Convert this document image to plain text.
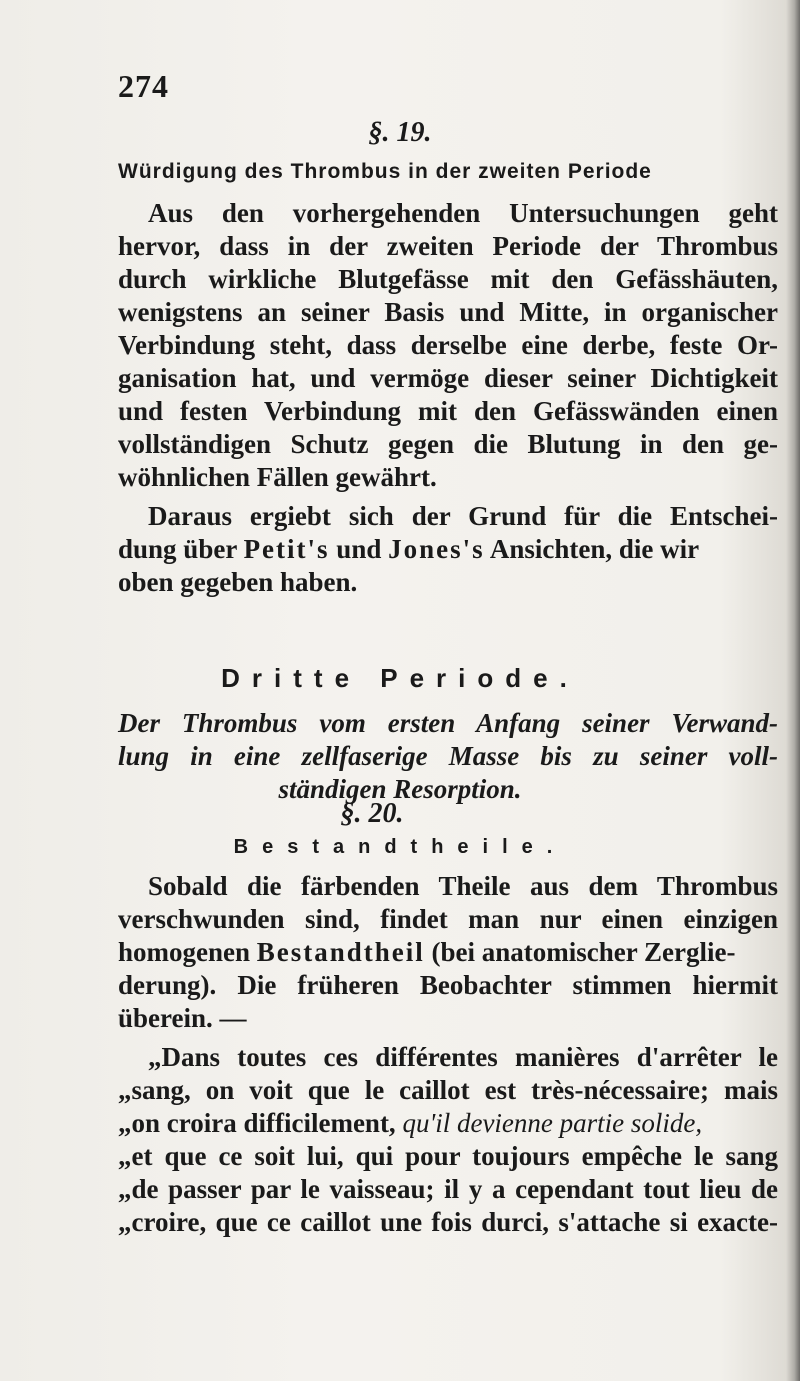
274
§. 19.
Würdigung des Thrombus in der zweiten Periode
Aus den vorhergehenden Untersuchungen geht
hervor, dass in der zweiten Periode der Thrombus
durch wirkliche Blutgefässe mit den Gefässhäuten,
wenigstens an seiner Basis und Mitte, in organischer
Verbindung steht, dass derselbe eine derbe, feste Or-
ganisation hat, und vermöge dieser seiner Dichtigkeit
und festen Verbindung mit den Gefässwänden einen
vollständigen Schutz gegen die Blutung in den ge-
wöhnlichen Fällen gewährt.
Daraus ergiebt sich der Grund für die Entschei-
dung über Petit's und Jones's Ansichten, die wir
oben gegeben haben.
Dritte Periode.
Der Thrombus vom ersten Anfang seiner Verwand-
lung in eine zellfaserige Masse bis zu seiner voll-
ständigen Resorption.
§. 20.
Bestandtheile.
Sobald die färbenden Theile aus dem Thrombus
verschwunden sind, findet man nur einen einzigen
homogenen Bestandtheil (bei anatomischer Zerglie-
derung). Die früheren Beobachter stimmen hiermit
überein. —
„Dans toutes ces différentes manières d'arrêter le
„sang, on voit que le caillot est très-nécessaire; mais
„on croira difficilement, qu'il devienne partie solide,
„et que ce soit lui, qui pour toujours empêche le sang
„de passer par le vaisseau; il y a cependant tout lieu de
„croire, que ce caillot une fois durci, s'attache si exacte-
